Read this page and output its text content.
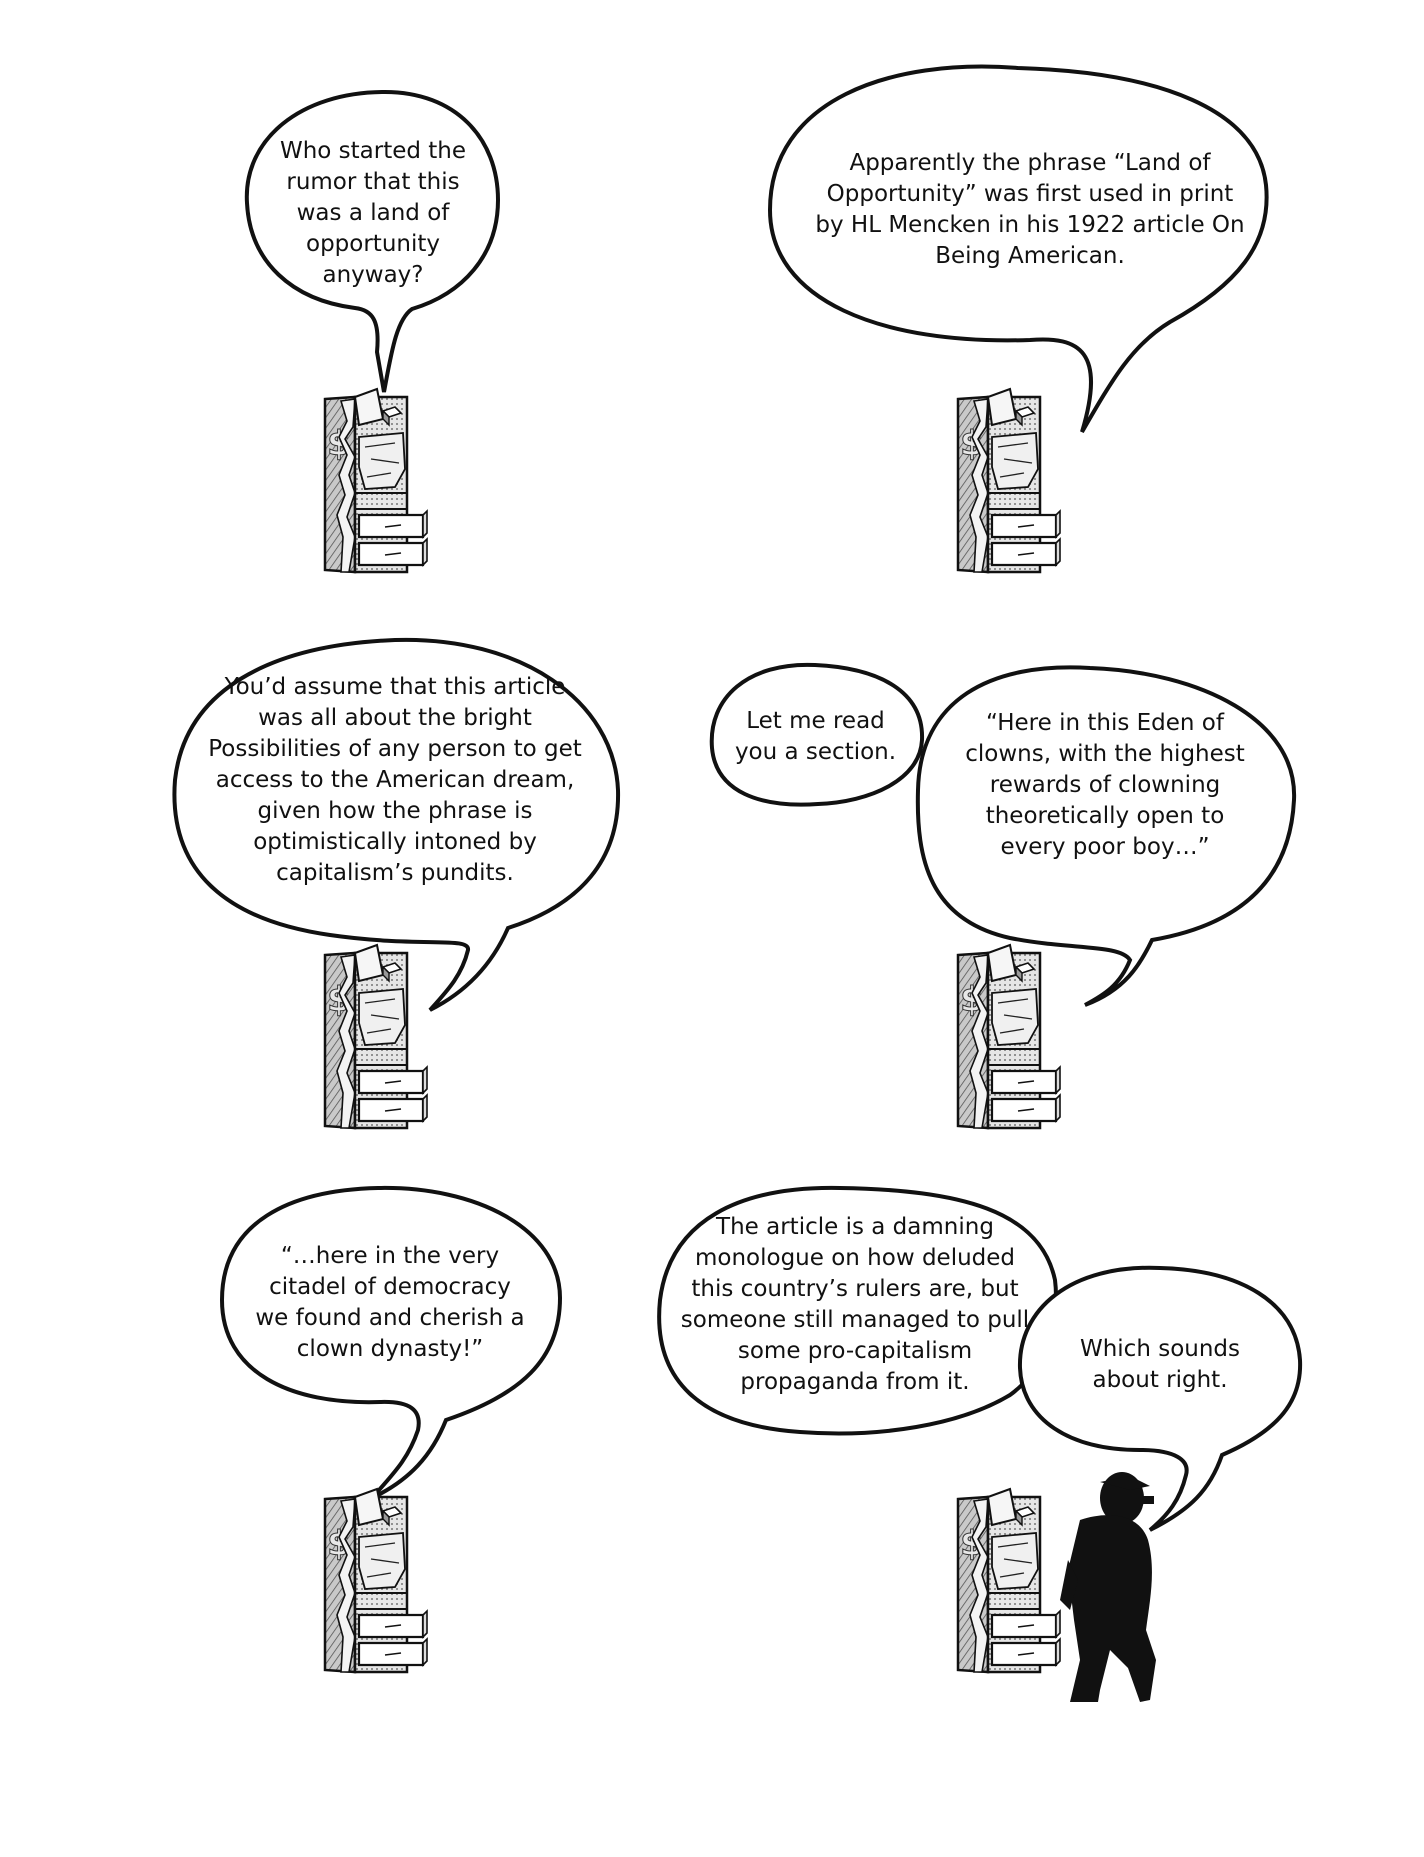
$
Who started the rumor that this was a land of opportunity anyway?
Apparently the phrase “Land of Opportunity” was first used in print by HL Mencken in his 1922 article On Being American.
You’d assume that this article was all about the bright Possibilities of any person to get access to the American dream, given how the phrase is optimistically intoned by capitalism’s pundits.
Let me read you a section.
“Here in this Eden of clowns, with the highest rewards of clowning theoretically open to every poor boy…”
“…here in the very citadel of democracy we found and cherish a clown dynasty!”
The article is a damning monologue on how deluded this country’s rulers are, but someone still managed to pull some pro-capitalism propaganda from it.
Which sounds about right.
